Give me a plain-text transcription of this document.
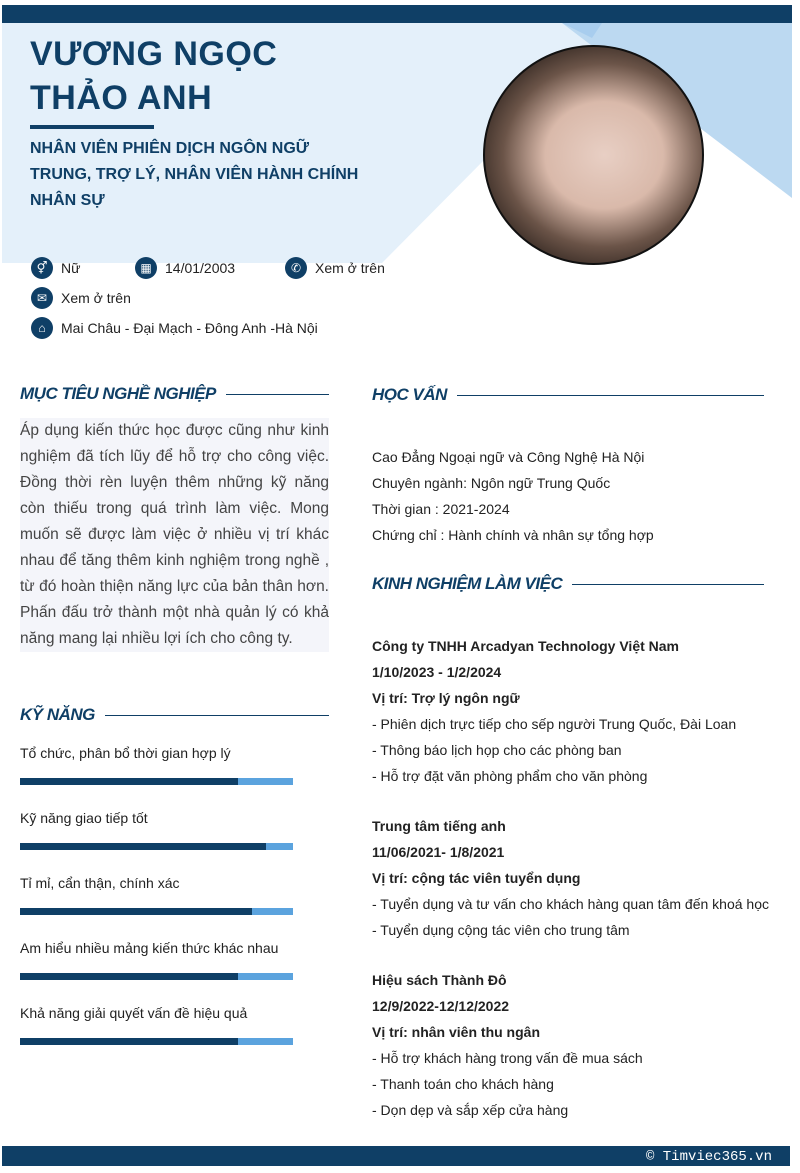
VƯƠNG NGỌC
THẢO ANH
NHÂN VIÊN PHIÊN DỊCH NGÔN NGỮ TRUNG, TRỢ LÝ, NHÂN VIÊN HÀNH CHÍNH NHÂN SỰ
⚥ Nữ	▦ 14/01/2003	✆ Xem ở trên
✉ Xem ở trên
⌂	Mai Châu - Đại Mạch - Đông Anh -Hà Nội
MỤC TIÊU NGHỀ NGHIỆP
Áp dụng kiến thức học được cũng như kinh nghiệm đã tích lũy để hỗ trợ cho công việc. Đồng thời rèn luyện thêm những kỹ năng còn thiếu trong quá trình làm việc. Mong muốn sẽ được làm việc ở nhiều vị trí khác nhau để tăng thêm kinh nghiệm trong nghề , từ đó hoàn thiện năng lực của bản thân hơn. Phấn đấu trở thành một nhà quản lý có khả năng mang lại nhiều lợi ích cho công ty.
KỸ NĂNG
Tổ chức, phân bổ thời gian hợp lý
Kỹ năng giao tiếp tốt
Tỉ mỉ, cẩn thận, chính xác
Am hiểu nhiều mảng kiến thức khác nhau
Khả năng giải quyết vấn đề hiệu quả
HỌC VẤN
Cao Đẳng Ngoại ngữ và Công Nghệ Hà Nội
Chuyên ngành: Ngôn ngữ Trung Quốc
Thời gian : 2021-2024
Chứng chỉ : Hành chính và nhân sự tổng hợp
KINH NGHIỆM LÀM VIỆC
Công ty TNHH Arcadyan Technology Việt Nam
1/10/2023 - 1/2/2024
Vị trí: Trợ lý ngôn ngữ
- Phiên dịch trực tiếp cho sếp người Trung Quốc, Đài Loan
- Thông báo lịch họp cho các phòng ban
- Hỗ trợ đặt văn phòng phẩm cho văn phòng
Trung tâm tiếng anh
11/06/2021- 1/8/2021
Vị trí: cộng tác viên tuyển dụng
- Tuyển dụng và tư vấn cho khách hàng quan tâm đến khoá học
- Tuyển dụng cộng tác viên cho trung tâm
Hiệu sách Thành Đô
12/9/2022-12/12/2022
Vị trí: nhân viên thu ngân
- Hỗ trợ khách hàng trong vấn đề mua sách
- Thanh toán cho khách hàng
- Dọn dẹp và sắp xếp cửa hàng
© Timviec365.vn
